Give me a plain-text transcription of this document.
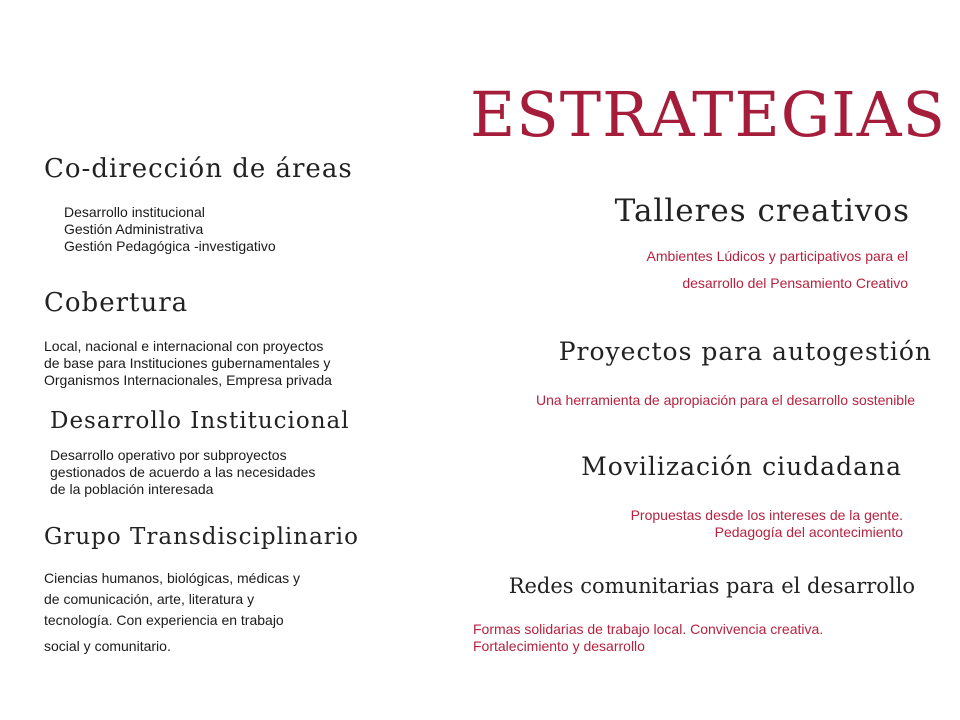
ESTRATEGIAS
Co-dirección de áreas
Desarrollo institucional
Gestión Administrativa
Gestión Pedagógica -investigativo
Cobertura
Local, nacional e internacional con proyectos
de base para Instituciones gubernamentales y
Organismos Internacionales, Empresa privada
Desarrollo Institucional
Desarrollo operativo por subproyectos
gestionados de acuerdo a las necesidades
de la población interesada
Grupo Transdisciplinario
Ciencias humanos, biológicas, médicas y
de comunicación, arte, literatura y
tecnología. Con experiencia en trabajo
social y comunitario.
Talleres creativos
Ambientes Lúdicos y participativos para el
desarrollo del Pensamiento Creativo
Proyectos para autogestión
Una herramienta de apropiación para el desarrollo sostenible
Movilización ciudadana
Propuestas desde los intereses de la gente.
Pedagogía del acontecimiento
Redes comunitarias para el desarrollo
Formas solidarias de trabajo local. Convivencia creativa.
Fortalecimiento y desarrollo
